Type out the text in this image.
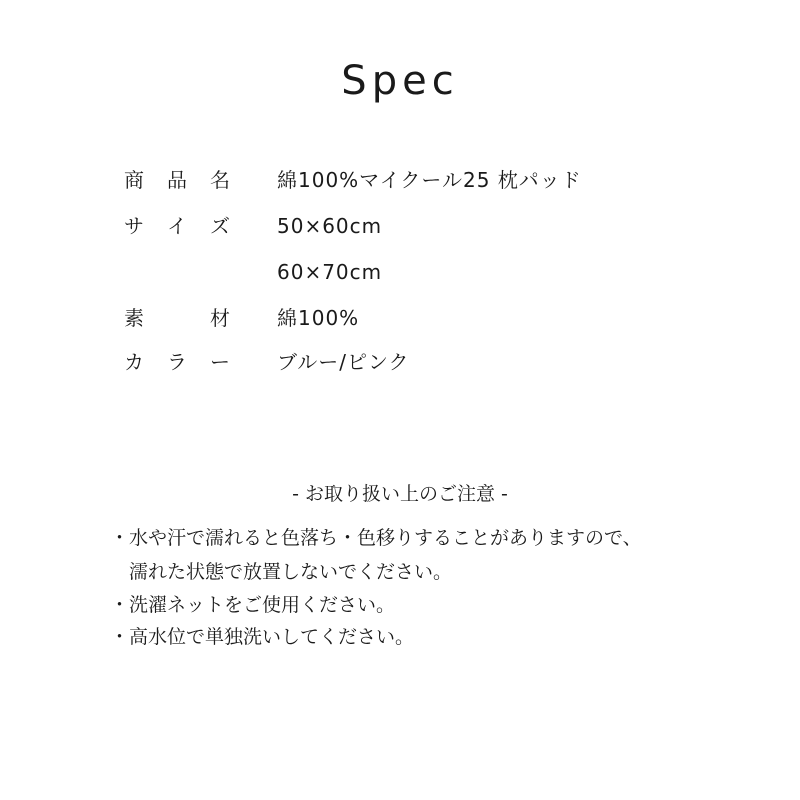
Spec
商 品 名 綿100%マイクール25 枕パッド
サ イ ズ 50×60cm
60×70cm
素	材 綿100%
カ ラ ー ブルー/ピンク
- お取り扱い上のご注意 -
・水や汗で濡れると色落ち・色移りすることがありますので、
　濡れた状態で放置しないでください。
・洗濯ネットをご使用ください。
・高水位で単独洗いしてください。
